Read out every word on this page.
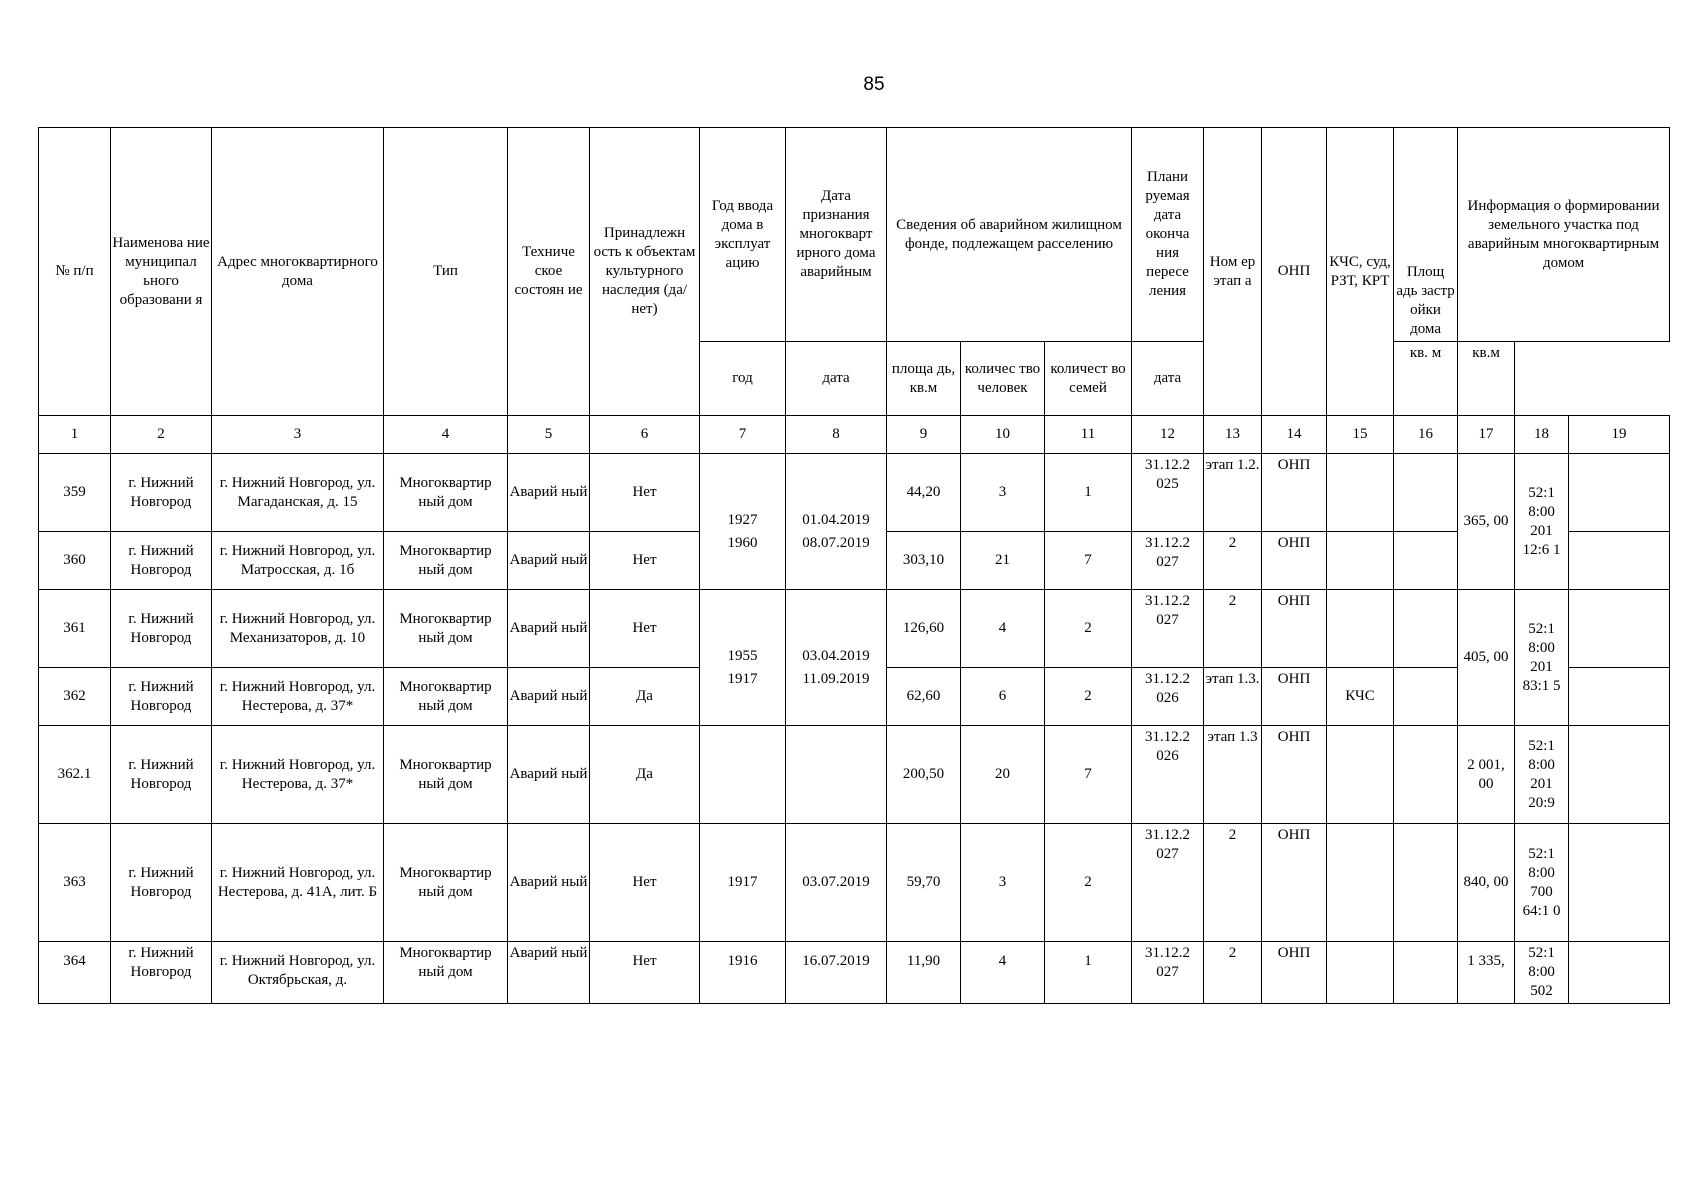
85
№ п/п	Наименова ние муниципал ьного образовани я	Адрес многоквартирного дома	Тип	Техниче ское состоян ие	Принадлежн ость к объектам культурного наследия (да/нет)	Год ввода дома в эксплуат ацию	Дата признания многокварт ирного дома аварийным	Сведения об аварийном жилищном фонде, подлежащем расселению			Плани руемая дата оконча ния пересе ления	Ном ер этап а	ОНП	КЧС, суд, РЗТ, КРТ	Площ адь застр ойки дома	Информация о формировании земельного участка под аварийным многоквартирным домом		
						год	дата	площа дь, кв.м	количес тво человек	количест во семей	дата				кв. м	кв.м		
1	2	3	4	5	6	7	8	9	10	11	12	13	14	15	16	17	18	19
359	г. Нижний Новгород	г. Нижний Новгород, ул. Магаданская, д. 15	Многоквартир ный дом	Аварий ный	Нет	1927	01.04.2019	44,20	3	1	31.12.2 025	этап 1.2.	ОНП			365, 00	52:1 8:00 201 12:6 1	
360	г. Нижний Новгород	г. Нижний Новгород, ул. Матросская, д. 1б	Многоквартир ный дом	Аварий ный	Нет	1960	08.07.2019	303,10	21	7	31.12.2 027	2	ОНП					
361	г. Нижний Новгород	г. Нижний Новгород, ул. Механизаторов, д. 10	Многоквартир ный дом	Аварий ный	Нет	1955	03.04.2019	126,60	4	2	31.12.2 027	2	ОНП			405, 00	52:1 8:00 201 83:1 5	
362	г. Нижний Новгород	г. Нижний Новгород, ул. Нестерова, д. 37*	Многоквартир ный дом	Аварий ный	Да	1917	11.09.2019	62,60	6	2	31.12.2 026	этап 1.3.	ОНП	КЧС				
362.1	г. Нижний Новгород	г. Нижний Новгород, ул. Нестерова, д. 37*	Многоквартир ный дом	Аварий ный	Да			200,50	20	7	31.12.2 026	этап 1.3	ОНП			2 001, 00	52:1 8:00 201 20:9	
363	г. Нижний Новгород	г. Нижний Новгород, ул. Нестерова, д. 41А, лит. Б	Многоквартир ный дом	Аварий ный	Нет	1917	03.07.2019	59,70	3	2	31.12.2 027	2	ОНП			840, 00	52:1 8:00 700 64:1 0	
364	г. Нижний Новгород	г. Нижний Новгород, ул. Октябрьская, д.	Многоквартир ный дом	Аварий ный	Нет	1916	16.07.2019	11,90	4	1	31.12.2 027	2	ОНП			1 335,	52:1 8:00 502	
